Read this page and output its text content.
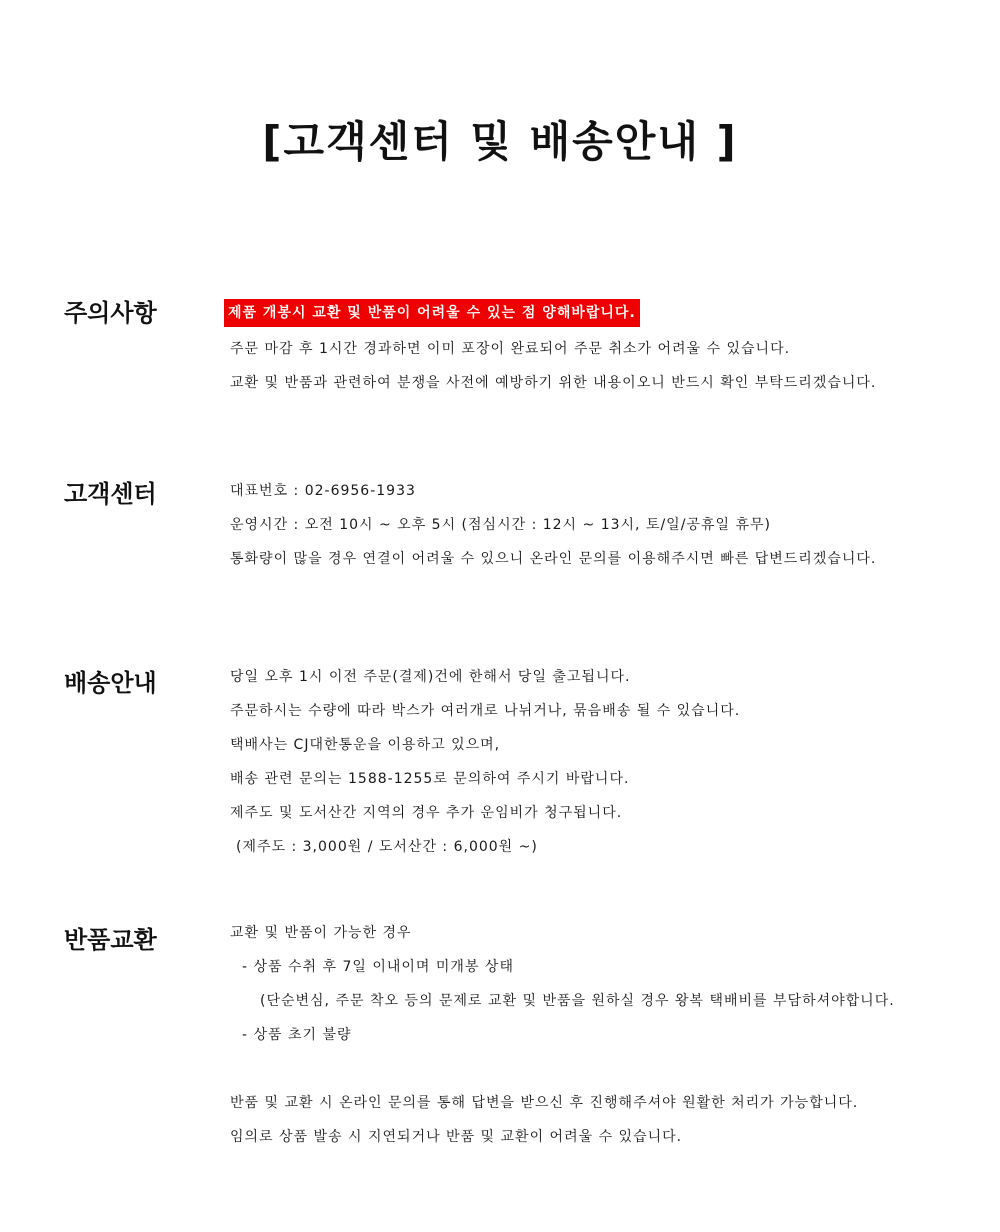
[고객센터 및 배송안내 ]
주의사항	제품 개봉시 교환 및 반품이 어려울 수 있는 점 양해바랍니다.
주문 마감 후 1시간 경과하면 이미 포장이 완료되어 주문 취소가 어려울 수 있습니다.
교환 및 반품과 관련하여 분쟁을 사전에 예방하기 위한 내용이오니 반드시 확인 부탁드리겠습니다.
고객센터	대표번호 : 02-6956-1933
운영시간 : 오전 10시 ~ 오후 5시 (점심시간 : 12시 ~ 13시, 토/일/공휴일 휴무)
통화량이 많을 경우 연결이 어려울 수 있으니 온라인 문의를 이용해주시면 빠른 답변드리겠습니다.
배송안내	당일 오후 1시 이전 주문(결제)건에 한해서 당일 출고됩니다.
주문하시는 수량에 따라 박스가 여러개로 나뉘거나, 묶음배송 될 수 있습니다.
택배사는 CJ대한통운을 이용하고 있으며,
배송 관련 문의는 1588-1255로 문의하여 주시기 바랍니다.
제주도 및 도서산간 지역의 경우 추가 운임비가 청구됩니다.
(제주도 : 3,000원 / 도서산간 : 6,000원 ~)
반품교환	교환 및 반품이 가능한 경우
- 상품 수취 후 7일 이내이며 미개봉 상태
(단순변심, 주문 착오 등의 문제로 교환 및 반품을 원하실 경우 왕복 택배비를 부담하셔야합니다.
- 상품 초기 불량
반품 및 교환 시 온라인 문의를 통해 답변을 받으신 후 진행해주셔야 원활한 처리가 가능합니다.
임의로 상품 발송 시 지연되거나 반품 및 교환이 어려울 수 있습니다.
